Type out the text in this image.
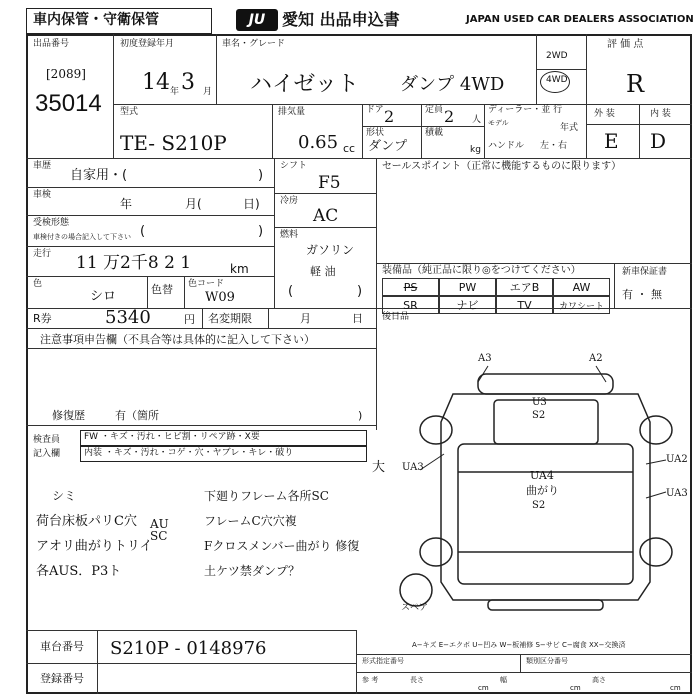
車内保管・守衛保管	JU	愛知 出品申込書	JAPAN USED CAR DEALERS ASSOCIATION
出品番号
[2089]
35014
初度登録年月
14 年 3 月
車名・グレード
ハイゼット ダンプ 4WD
2WD
4WD
評 価 点
R
型式
TE- S210P
排気量
0.65 cc
ドア 2	定員 2 人
形状
ダンプ
積載
kg
ディーラー・並 行
モデル	年式
ハンドル 左・右
外 装	内 装
E D
車歴
自家用・(	)
車検
年	月(	日)
受検形態
車検付きの場合記入して下さい (	)
走行 11 万2千8 2 1	km
色
シロ	色替 色コード
W09
シフト
F5
冷房
AC
燃料
ガソリン
軽 油
(	)
セールスポイント（正常に機能するものに限ります）
装備品（純正品に限り◎をつけてください）
PS	PW	エアB	AW
SR	ナビ	TV	カワシート
新車保証書
有 ・ 無
R券	5340	円 名変期限	月	日 後日品
注意事項申告欄（不具合等は具体的に記入して下さい）
修復歴	有（箇所	)
検査員
記入欄
FW ・キズ・汚れ・ヒビ割・リペア跡・X要
内装 ・キズ・汚れ・コゲ・穴・ヤブレ・キレ・破り
大
シミ
荷台床板パリC穴 AU SC
アオリ曲がりトリイ
各AUS．P3ト
下廻りフレーム各所SC
フレームC穴穴複
Fクロスメンバー曲がり 修復
土ケツ禁ダンプ？
A3	A2
U3
S2
UA3
UA2
UA4
曲がり
S2
UA3
スペア
A−キズ E−エクボ U−凹み W−板補修 S−サビ C−腐食 XX−交換済
車台番号 S210P - 0148976
登録番号
形式指定番号	類別区分番号
参 考	長さ
cm
幅
cm
高さ
cm
